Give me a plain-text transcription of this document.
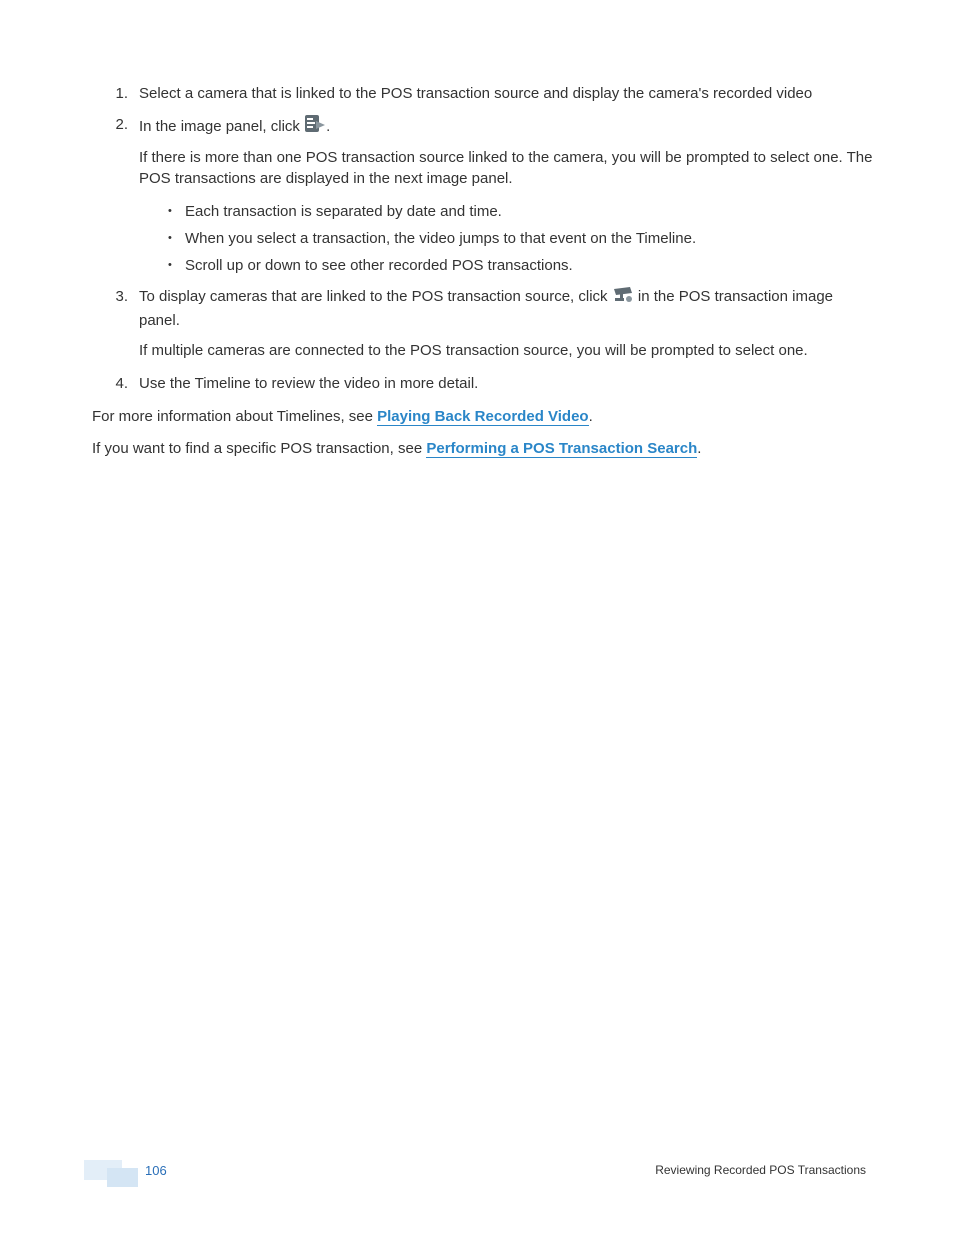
1. Select a camera that is linked to the POS transaction source and display the camera's recorded video
2. In the image panel, click .
If there is more than one POS transaction source linked to the camera, you will be prompted to select one. The POS transactions are displayed in the next image panel.
• Each transaction is separated by date and time.
• When you select a transaction, the video jumps to that event on the Timeline.
• Scroll up or down to see other recorded POS transactions.
3. To display cameras that are linked to the POS transaction source, click  in the POS transaction image panel.
If multiple cameras are connected to the POS transaction source, you will be prompted to select one.
4. Use the Timeline to review the video in more detail.
For more information about Timelines, see Playing Back Recorded Video.
If you want to find a specific POS transaction, see Performing a POS Transaction Search.
106	Reviewing Recorded POS Transactions
